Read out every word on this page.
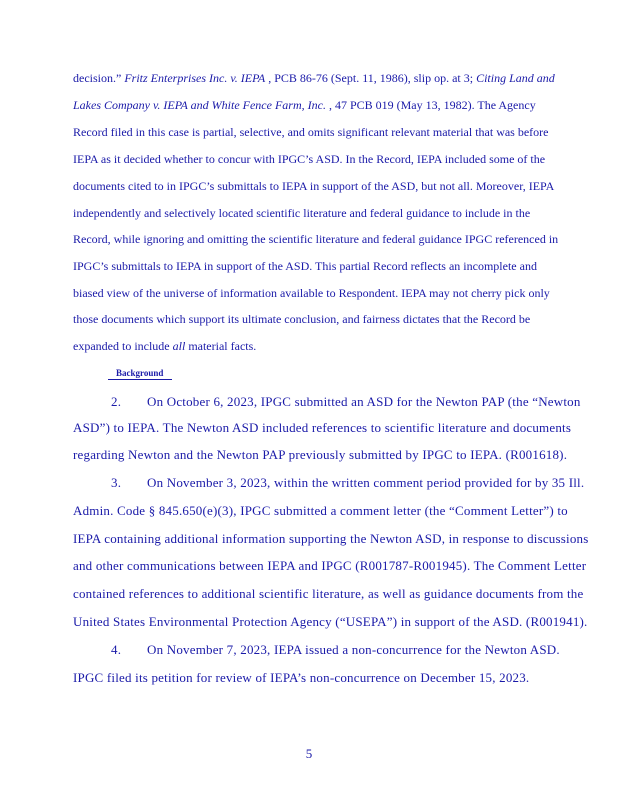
decision.” Fritz Enterprises Inc. v. IEPA , PCB 86-76 (Sept. 11, 1986), slip op. at 3; Citing Land and
Lakes Company v. IEPA and White Fence Farm, Inc. , 47 PCB 019 (May 13, 1982). The Agency
Record filed in this case is partial, selective, and omits significant relevant material that was before
IEPA as it decided whether to concur with IPGC’s ASD. In the Record, IEPA included some of the
documents cited to in IPGC’s submittals to IEPA in support of the ASD, but not all. Moreover, IEPA
independently and selectively located scientific literature and federal guidance to include in the
Record, while ignoring and omitting the scientific literature and federal guidance IPGC referenced in
IPGC’s submittals to IEPA in support of the ASD. This partial Record reflects an incomplete and
biased view of the universe of information available to Respondent. IEPA may not cherry pick only
those documents which support its ultimate conclusion, and fairness dictates that the Record be
expanded to include all material facts.
Background
2. On October 6, 2023, IPGC submitted an ASD for the Newton PAP (the “Newton
ASD”) to IEPA. The Newton ASD included references to scientific literature and documents
regarding Newton and the Newton PAP previously submitted by IPGC to IEPA. (R001618).
3. On November 3, 2023, within the written comment period provided for by 35 Ill.
Admin. Code § 845.650(e)(3), IPGC submitted a comment letter (the “Comment Letter”) to
IEPA containing additional information supporting the Newton ASD, in response to discussions
and other communications between IEPA and IPGC (R001787-R001945). The Comment Letter
contained references to additional scientific literature, as well as guidance documents from the
United States Environmental Protection Agency (“USEPA”) in support of the ASD. (R001941).
4. On November 7, 2023, IEPA issued a non-concurrence for the Newton ASD.
IPGC filed its petition for review of IEPA’s non-concurrence on December 15, 2023.
5
